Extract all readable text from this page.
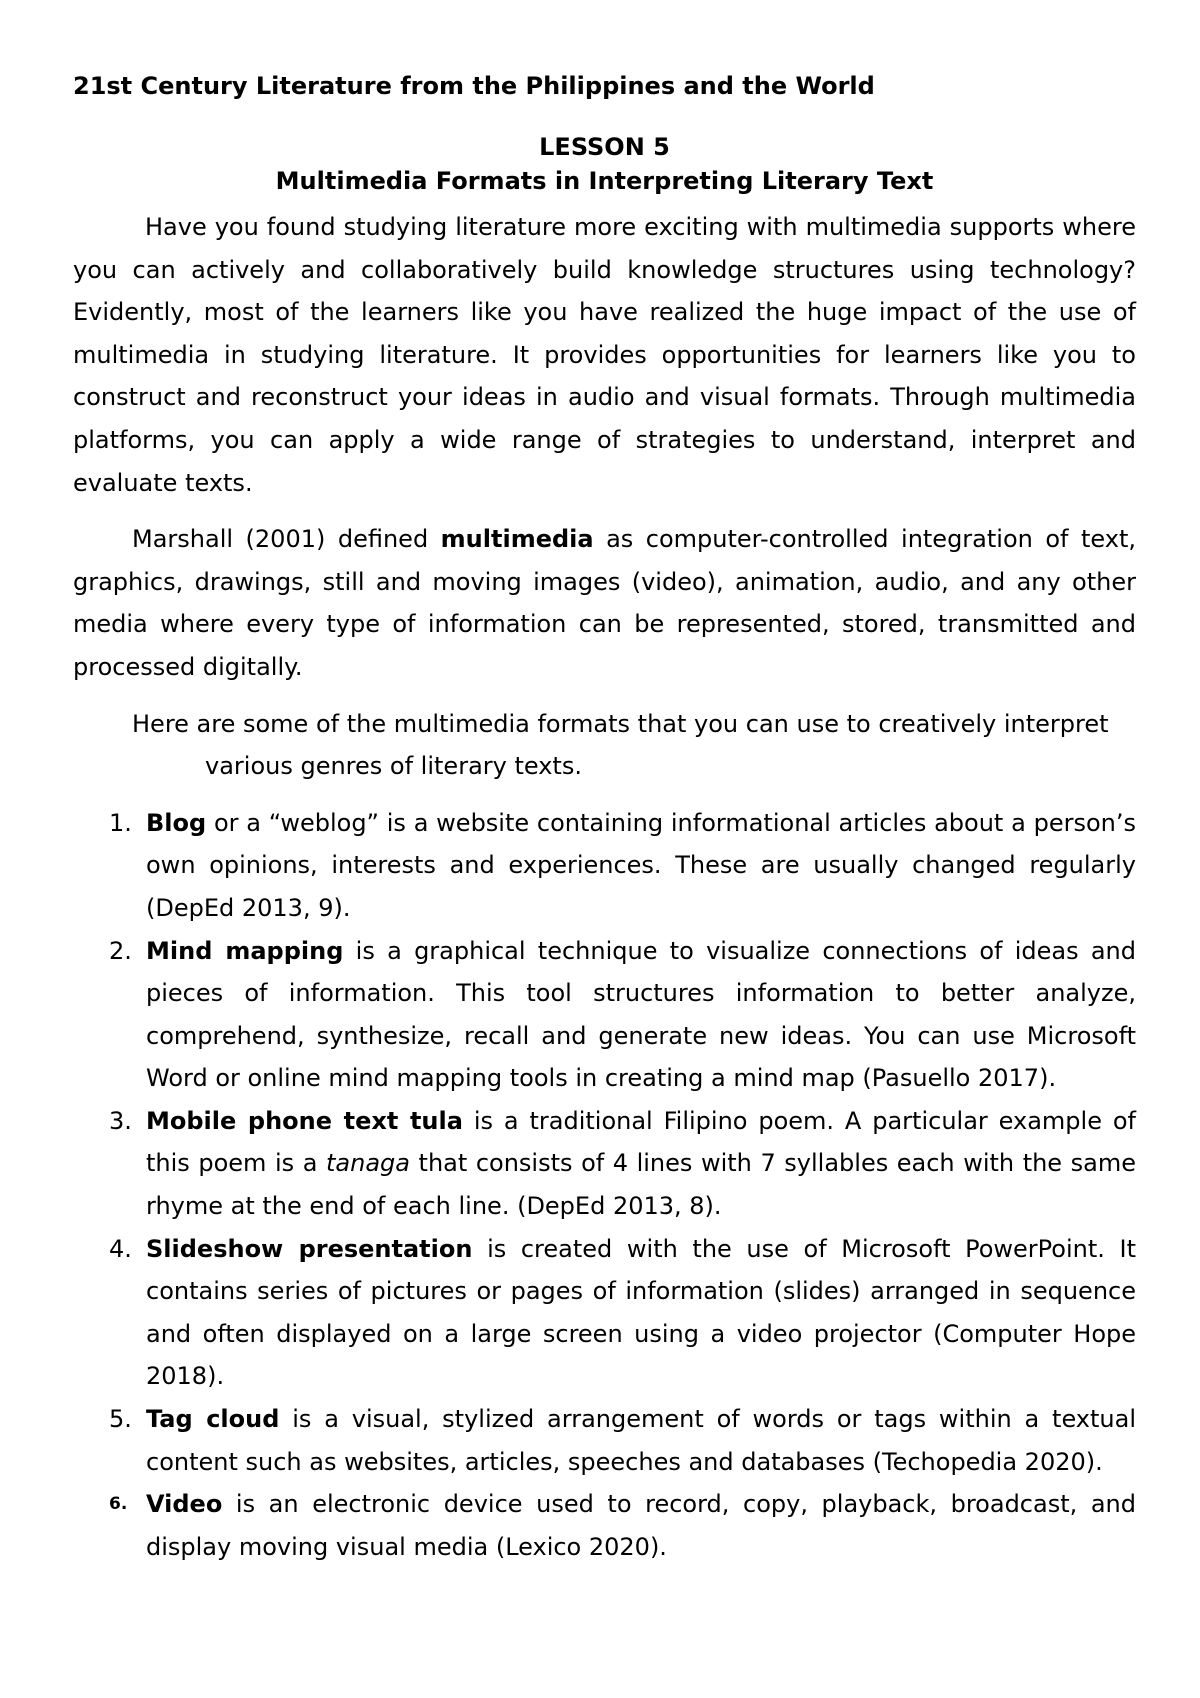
21st Century Literature from the Philippines and the World
LESSON 5
Multimedia Formats in Interpreting Literary Text

Have you found studying literature more exciting with multimedia supports where you can actively and collaboratively build knowledge structures using technology? Evidently, most of the learners like you have realized the huge impact of the use of multimedia in studying literature. It provides opportunities for learners like you to construct and reconstruct your ideas in audio and visual formats. Through multimedia platforms, you can apply a wide range of strategies to understand, interpret and evaluate texts.

Marshall (2001) defined multimedia as computer-controlled integration of text, graphics, drawings, still and moving images (video), animation, audio, and any other media where every type of information can be represented, stored, transmitted and processed digitally.

Here are some of the multimedia formats that you can use to creatively interpret various genres of literary texts.

1. Blog or a “weblog” is a website containing informational articles about a person’s own opinions, interests and experiences. These are usually changed regularly (DepEd 2013, 9).
2. Mind mapping is a graphical technique to visualize connections of ideas and pieces of information. This tool structures information to better analyze, comprehend, synthesize, recall and generate new ideas. You can use Microsoft Word or online mind mapping tools in creating a mind map (Pasuello 2017).
3. Mobile phone text tula is a traditional Filipino poem. A particular example of this poem is a tanaga that consists of 4 lines with 7 syllables each with the same rhyme at the end of each line. (DepEd 2013, 8).
4. Slideshow presentation is created with the use of Microsoft PowerPoint. It contains series of pictures or pages of information (slides) arranged in sequence and often displayed on a large screen using a video projector (Computer Hope 2018).
5. Tag cloud is a visual, stylized arrangement of words or tags within a textual content such as websites, articles, speeches and databases (Techopedia 2020).
6. Video is an electronic device used to record, copy, playback, broadcast, and display moving visual media (Lexico 2020).
